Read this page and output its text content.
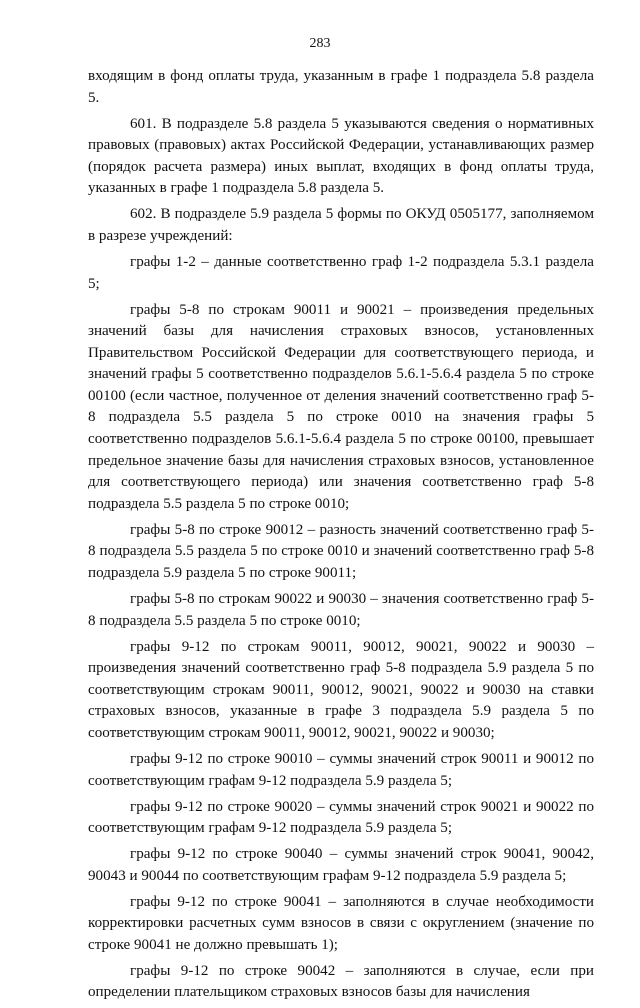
283

входящим в фонд оплаты труда, указанным в графе 1 подраздела 5.8 раздела 5.

601. В подразделе 5.8 раздела 5 указываются сведения о нормативных правовых (правовых) актах Российской Федерации, устанавливающих размер (порядок расчета размера) иных выплат, входящих в фонд оплаты труда, указанных в графе 1 подраздела 5.8 раздела 5.

602. В подразделе 5.9 раздела 5 формы по ОКУД 0505177, заполняемом в разрезе учреждений:

графы 1-2 – данные соответственно граф 1-2 подраздела 5.3.1 раздела 5;

графы 5-8 по строкам 90011 и 90021 – произведения предельных значений базы для начисления страховых взносов, установленных Правительством Российской Федерации для соответствующего периода, и значений графы 5 соответственно подразделов 5.6.1-5.6.4 раздела 5 по строке 00100 (если частное, полученное от деления значений соответственно граф 5-8 подраздела 5.5 раздела 5 по строке 0010 на значения графы 5 соответственно подразделов 5.6.1-5.6.4 раздела 5 по строке 00100, превышает предельное значение базы для начисления страховых взносов, установленное для соответствующего периода) или значения соответственно граф 5-8 подраздела 5.5 раздела 5 по строке 0010;

графы 5-8 по строке 90012 – разность значений соответственно граф 5-8 подраздела 5.5 раздела 5 по строке 0010 и значений соответственно граф 5-8 подраздела 5.9 раздела 5 по строке 90011;

графы 5-8 по строкам 90022 и 90030 – значения соответственно граф 5-8 подраздела 5.5 раздела 5 по строке 0010;

графы 9-12 по строкам 90011, 90012, 90021, 90022 и 90030 – произведения значений соответственно граф 5-8 подраздела 5.9 раздела 5 по соответствующим строкам 90011, 90012, 90021, 90022 и 90030 на ставки страховых взносов, указанные в графе 3 подраздела 5.9 раздела 5 по соответствующим строкам 90011, 90012, 90021, 90022 и 90030;

графы 9-12 по строке 90010 – суммы значений строк 90011 и 90012 по соответствующим графам 9-12 подраздела 5.9 раздела 5;

графы 9-12 по строке 90020 – суммы значений строк 90021 и 90022 по соответствующим графам 9-12 подраздела 5.9 раздела 5;

графы 9-12 по строке 90040 – суммы значений строк 90041, 90042, 90043 и 90044 по соответствующим графам 9-12 подраздела 5.9 раздела 5;

графы 9-12 по строке 90041 – заполняются в случае необходимости корректировки расчетных сумм взносов в связи с округлением (значение по строке 90041 не должно превышать 1);

графы 9-12 по строке 90042 – заполняются в случае, если при определении плательщиком страховых взносов базы для начисления
